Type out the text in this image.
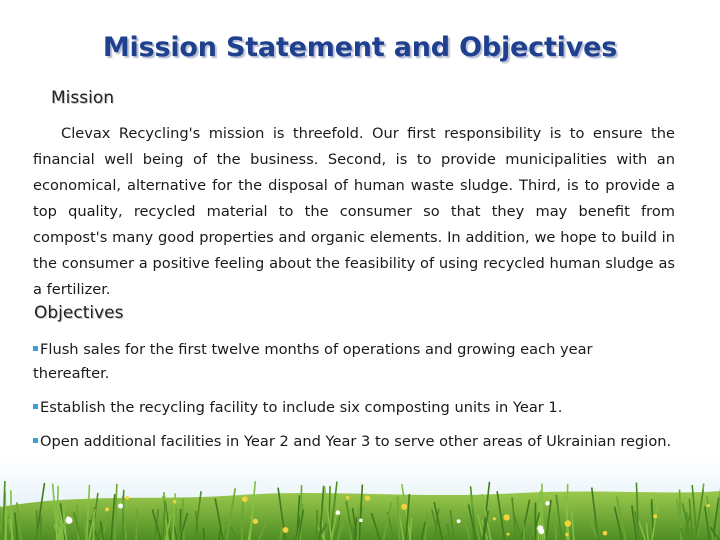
Mission Statement and Objectives
Mission

Clevax Recycling's mission is threefold. Our first responsibility is to ensure the financial well being of the business. Second, is to provide municipalities with an economical, alternative for the disposal of human waste sludge. Third, is to provide a top quality, recycled material to the consumer so that they may benefit from compost's many good properties and organic elements. In addition, we hope to build in the consumer a positive feeling about the feasibility of using recycled human sludge as a fertilizer.

Objectives
Flush sales for the first twelve months of operations and growing each year thereafter.
Establish the recycling facility to include six composting units in Year 1.
Open additional facilities in Year 2 and Year 3 to serve other areas of Ukrainian region.
